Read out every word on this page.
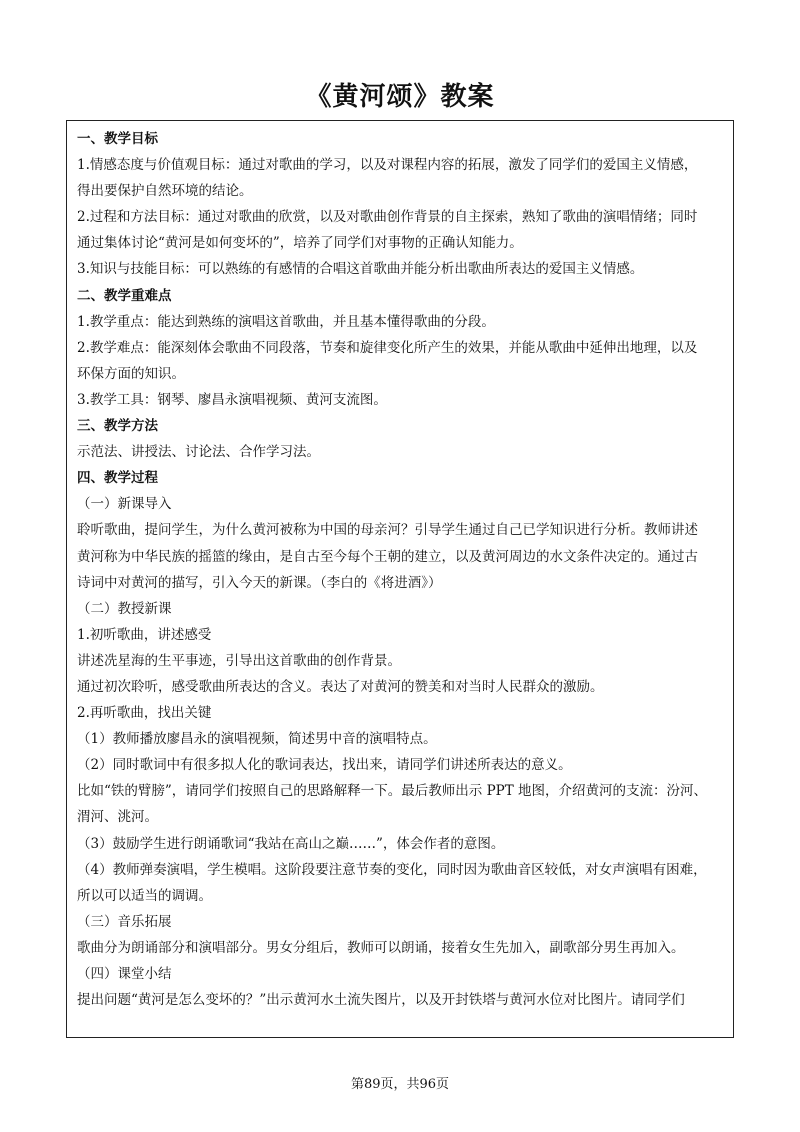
《黄河颂》教案
一、教学目标
1.情感态度与价值观目标：通过对歌曲的学习，以及对课程内容的拓展，激发了同学们的爱国主义情感，
得出要保护自然环境的结论。
2.过程和方法目标：通过对歌曲的欣赏，以及对歌曲创作背景的自主探索，熟知了歌曲的演唱情绪；同时
通过集体讨论“黄河是如何变坏的”，培养了同学们对事物的正确认知能力。
3.知识与技能目标：可以熟练的有感情的合唱这首歌曲并能分析出歌曲所表达的爱国主义情感。
二、教学重难点
1.教学重点：能达到熟练的演唱这首歌曲，并且基本懂得歌曲的分段。
2.教学难点：能深刻体会歌曲不同段落，节奏和旋律变化所产生的效果，并能从歌曲中延伸出地理，以及
环保方面的知识。
3.教学工具：钢琴、廖昌永演唱视频、黄河支流图。
三、教学方法
示范法、讲授法、讨论法、合作学习法。
四、教学过程
（一）新课导入
聆听歌曲，提问学生，为什么黄河被称为中国的母亲河？引导学生通过自己已学知识进行分析。教师讲述
黄河称为中华民族的摇篮的缘由，是自古至今每个王朝的建立，以及黄河周边的水文条件决定的。通过古
诗词中对黄河的描写，引入今天的新课。（李白的《将进酒》）
（二）教授新课
1.初听歌曲，讲述感受
讲述冼星海的生平事迹，引导出这首歌曲的创作背景。
通过初次聆听，感受歌曲所表达的含义。表达了对黄河的赞美和对当时人民群众的激励。
2.再听歌曲，找出关键
（1）教师播放廖昌永的演唱视频，简述男中音的演唱特点。
（2）同时歌词中有很多拟人化的歌词表达，找出来，请同学们讲述所表达的意义。
比如“铁的臂膀”，请同学们按照自己的思路解释一下。最后教师出示 PPT 地图，介绍黄河的支流：汾河、
渭河、洮河。
（3）鼓励学生进行朗诵歌词“我站在高山之巅……”，体会作者的意图。
（4）教师弹奏演唱，学生模唱。这阶段要注意节奏的变化，同时因为歌曲音区较低，对女声演唱有困难，
所以可以适当的调调。
（三）音乐拓展
歌曲分为朗诵部分和演唱部分。男女分组后，教师可以朗诵，接着女生先加入，副歌部分男生再加入。
（四）课堂小结
提出问题“黄河是怎么变坏的？”出示黄河水土流失图片，以及开封铁塔与黄河水位对比图片。请同学们
第89页，共96页
